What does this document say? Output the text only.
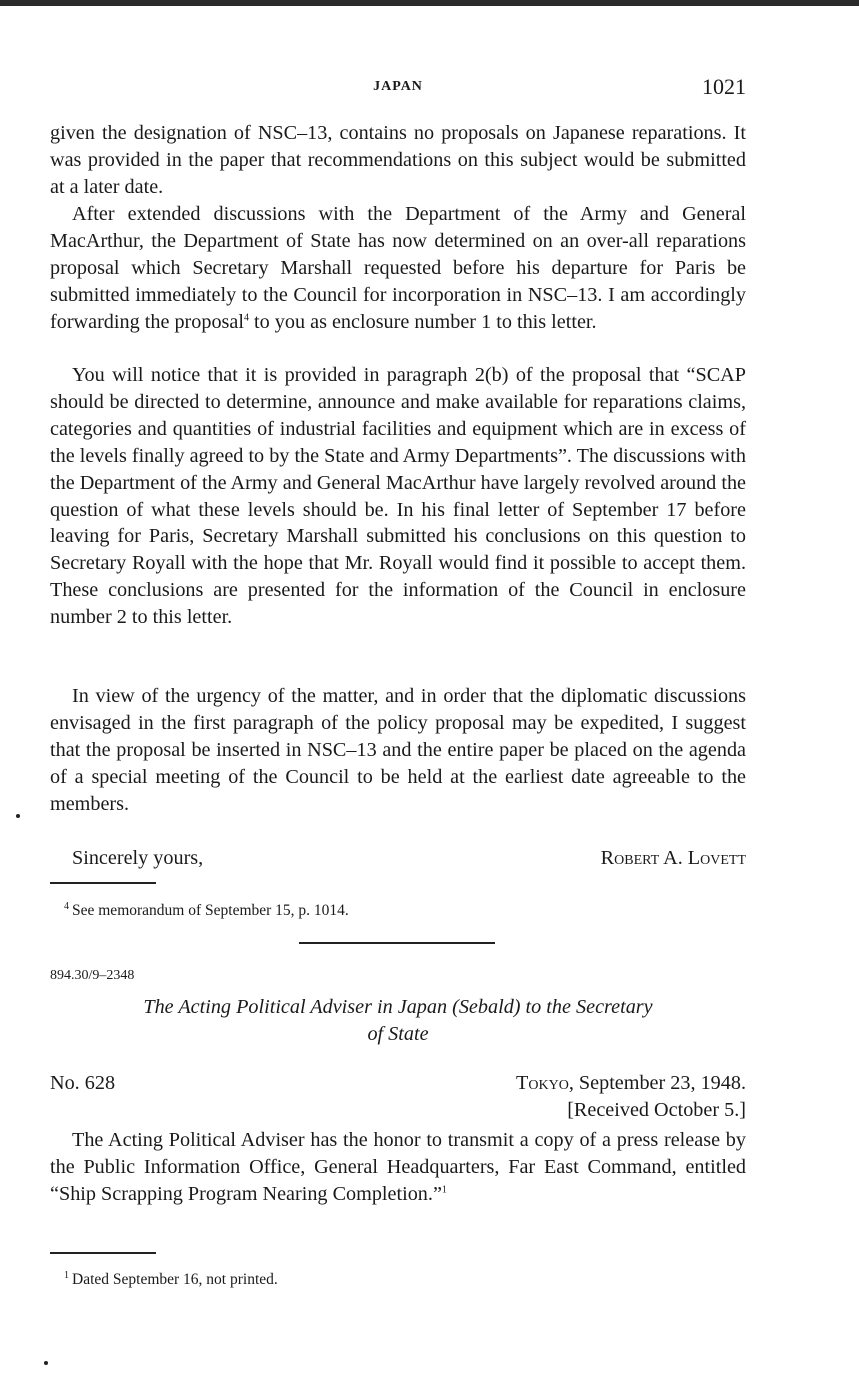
JAPAN	1021

given the designation of NSC–13, contains no proposals on Japanese reparations. It was provided in the paper that recommendations on this subject would be submitted at a later date.

After extended discussions with the Department of the Army and General MacArthur, the Department of State has now determined on an over-all reparations proposal which Secretary Marshall requested before his departure for Paris be submitted immediately to the Council for incorporation in NSC–13. I am accordingly forwarding the proposal$^4$ to you as enclosure number 1 to this letter.

You will notice that it is provided in paragraph 2(b) of the proposal that “SCAP should be directed to determine, announce and make available for reparations claims, categories and quantities of industrial facilities and equipment which are in excess of the levels finally agreed to by the State and Army Departments”. The discussions with the Department of the Army and General MacArthur have largely revolved around the question of what these levels should be. In his final letter of September 17 before leaving for Paris, Secretary Marshall submitted his conclusions on this question to Secretary Royall with the hope that Mr. Royall would find it possible to accept them. These conclusions are presented for the information of the Council in enclosure number 2 to this letter.

In view of the urgency of the matter, and in order that the diplomatic discussions envisaged in the first paragraph of the policy proposal may be expedited, I suggest that the proposal be inserted in NSC–13 and the entire paper be placed on the agenda of a special meeting of the Council to be held at the earliest date agreeable to the members.

Sincerely yours,	Robert A. Lovett
$^4$ See memorandum of September 15, p. 1014.
894.30/9–2348
The Acting Political Adviser in Japan (Sebald) to the Secretary
of State
No. 628	Tokyo, September 23, 1948.
[Received October 5.]

The Acting Political Adviser has the honor to transmit a copy of a press release by the Public Information Office, General Headquarters, Far East Command, entitled “Ship Scrapping Program Nearing Completion.”$^1$

$^1$ Dated September 16, not printed.
